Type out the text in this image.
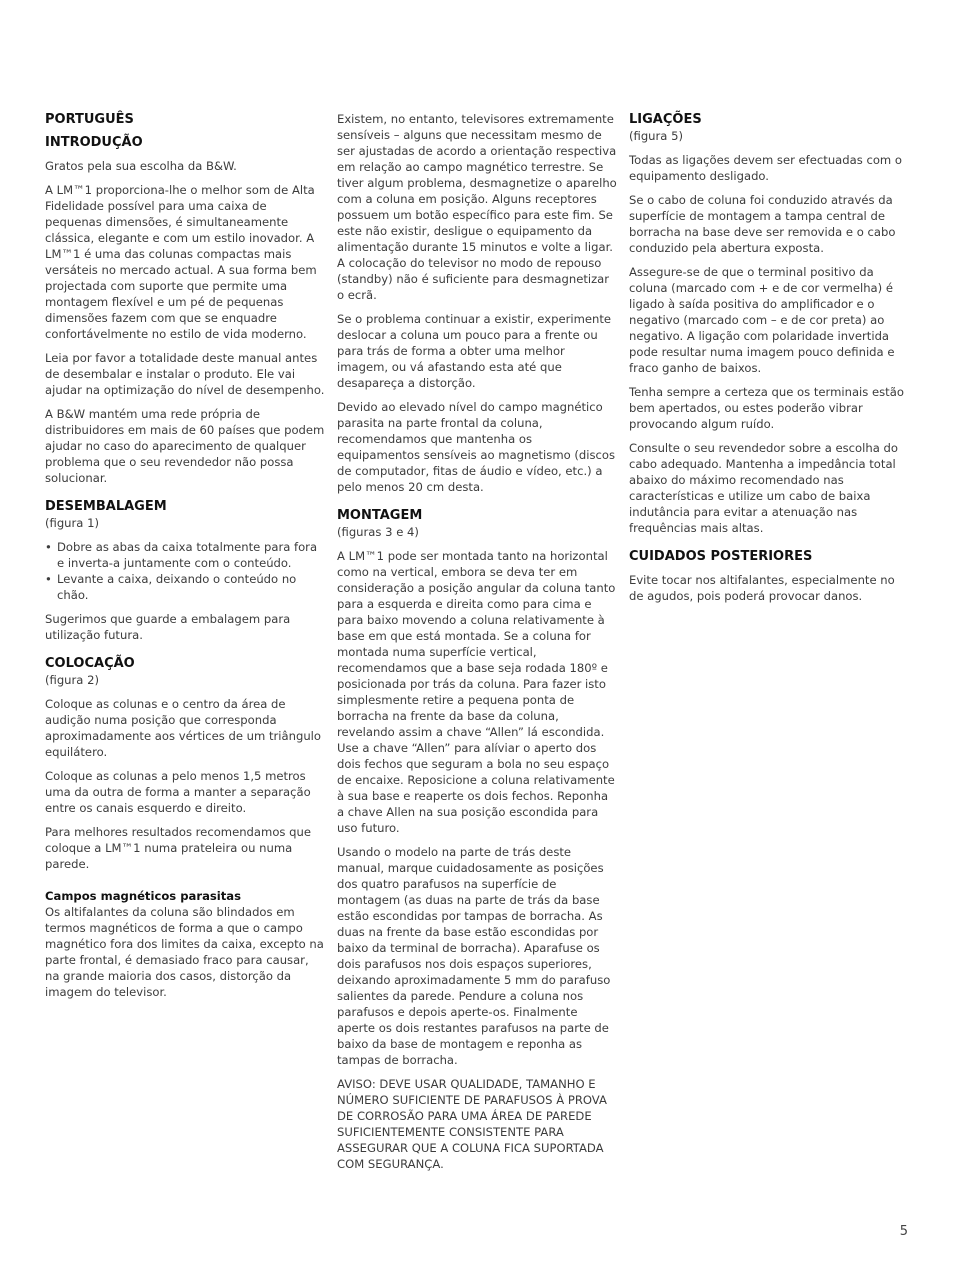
PORTUGUÊS
INTRODUÇÃO

Gratos pela sua escolha da B&W.

A LM™1 proporciona-lhe o melhor som de Alta Fidelidade possível para uma caixa de pequenas dimensões, é simultaneamente clássica, elegante e com um estilo inovador. A LM™1 é uma das colunas compactas mais versáteis no mercado actual. A sua forma bem projectada com suporte que permite uma montagem flexível e um pé de pequenas dimensões fazem com que se enquadre confortávelmente no estilo de vida moderno.

Leia por favor a totalidade deste manual antes de desembalar e instalar o produto. Ele vai ajudar na optimização do nível de desempenho.

A B&W mantém uma rede própria de distribuidores em mais de 60 países que podem ajudar no caso do aparecimento de qualquer problema que o seu revendedor não possa solucionar.

DESEMBALAGEM
(figura 1)
• Dobre as abas da caixa totalmente para fora e inverta-a juntamente com o conteúdo.
• Levante a caixa, deixando o conteúdo no chão.

Sugerimos que guarde a embalagem para utilização futura.

COLOCAÇÃO
(figura 2)

Coloque as colunas e o centro da área de audição numa posição que corresponda aproximadamente aos vértices de um triângulo equilátero.

Coloque as colunas a pelo menos 1,5 metros uma da outra de forma a manter a separação entre os canais esquerdo e direito.

Para melhores resultados recomendamos que coloque a LM™1 numa prateleira ou numa parede.

Campos magnéticos parasitas

Os altifalantes da coluna são blindados em termos magnéticos de forma a que o campo magnético fora dos limites da caixa, excepto na parte frontal, é demasiado fraco para causar, na grande maioria dos casos, distorção da imagem do televisor.

Existem, no entanto, televisores extremamente sensíveis – alguns que necessitam mesmo de ser ajustadas de acordo a orientação respectiva em relação ao campo magnético terrestre. Se tiver algum problema, desmagnetize o aparelho com a coluna em posição. Alguns receptores possuem um botão específico para este fim. Se este não existir, desligue o equipamento da alimentação durante 15 minutos e volte a ligar. A colocação do televisor no modo de repouso (standby) não é suficiente para desmagnetizar o ecrã.

Se o problema continuar a existir, experimente deslocar a coluna um pouco para a frente ou para trás de forma a obter uma melhor imagem, ou vá afastando esta até que desapareça a distorção.

Devido ao elevado nível do campo magnético parasita na parte frontal da coluna, recomendamos que mantenha os equipamentos sensíveis ao magnetismo (discos de computador, fitas de áudio e vídeo, etc.) a pelo menos 20 cm desta.

MONTAGEM
(figuras 3 e 4)

A LM™1 pode ser montada tanto na horizontal como na vertical, embora se deva ter em consideração a posição angular da coluna tanto para a esquerda e direita como para cima e para baixo movendo a coluna relativamente à base em que está montada. Se a coluna for montada numa superfície vertical, recomendamos que a base seja rodada 180º e posicionada por trás da coluna. Para fazer isto simplesmente retire a pequena ponta de borracha na frente da base da coluna, revelando assim a chave “Allen” lá escondida. Use a chave “Allen” para alíviar o aperto dos dois fechos que seguram a bola no seu espaço de encaixe. Reposicione a coluna relativamente à sua base e reaperte os dois fechos. Reponha a chave Allen na sua posição escondida para uso futuro.

Usando o modelo na parte de trás deste manual, marque cuidadosamente as posições dos quatro parafusos na superfície de montagem (as duas na parte de trás da base estão escondidas por tampas de borracha. As duas na frente da base estão escondidas por baixo da terminal de borracha). Aparafuse os dois parafusos nos dois espaços superiores, deixando aproximadamente 5 mm do parafuso salientes da parede. Pendure a coluna nos parafusos e depois aperte-os. Finalmente aperte os dois restantes parafusos na parte de baixo da base de montagem e reponha as tampas de borracha.

AVISO: DEVE USAR QUALIDADE, TAMANHO E NÚMERO SUFICIENTE DE PARAFUSOS À PROVA DE CORROSÃO PARA UMA ÁREA DE PAREDE SUFICIENTEMENTE CONSISTENTE PARA ASSEGURAR QUE A COLUNA FICA SUPORTADA COM SEGURANÇA.

LIGAÇÕES
(figura 5)

Todas as ligações devem ser efectuadas com o equipamento desligado.

Se o cabo de coluna foi conduzido através da superfície de montagem a tampa central de borracha na base deve ser removida e o cabo conduzido pela abertura exposta.

Assegure-se de que o terminal positivo da coluna (marcado com + e de cor vermelha) é ligado à saída positiva do amplificador e o negativo (marcado com – e de cor preta) ao negativo. A ligação com polaridade invertida pode resultar numa imagem pouco definida e fraco ganho de baixos.

Tenha sempre a certeza que os terminais estão bem apertados, ou estes poderão vibrar provocando algum ruído.

Consulte o seu revendedor sobre a escolha do cabo adequado. Mantenha a impedância total abaixo do máximo recomendado nas características e utilize um cabo de baixa indutância para evitar a atenuação nas frequências mais altas.

CUIDADOS POSTERIORES

Evite tocar nos altifalantes, especialmente no de agudos, pois poderá provocar danos.

5
